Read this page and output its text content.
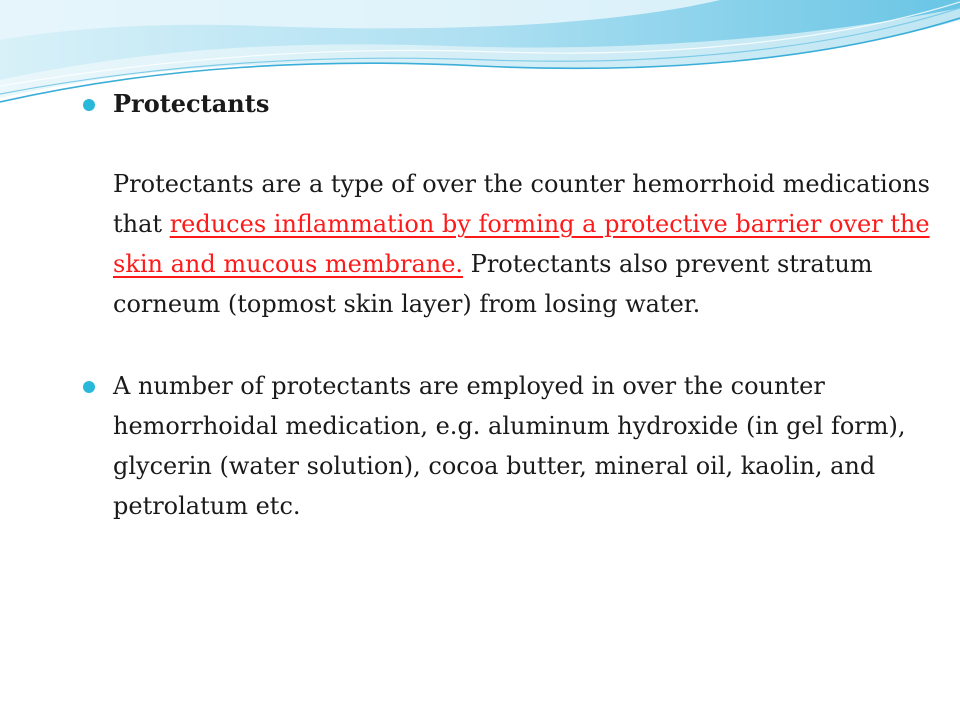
Protectants

Protectants are a type of over the counter hemorrhoid medications that reduces inflammation by forming a protective barrier over the skin and mucous membrane. Protectants also prevent stratum corneum (topmost skin layer) from losing water.

A number of protectants are employed in over the counter hemorrhoidal medication, e.g. aluminum hydroxide (in gel form), glycerin (water solution), cocoa butter, mineral oil, kaolin, and petrolatum etc.
